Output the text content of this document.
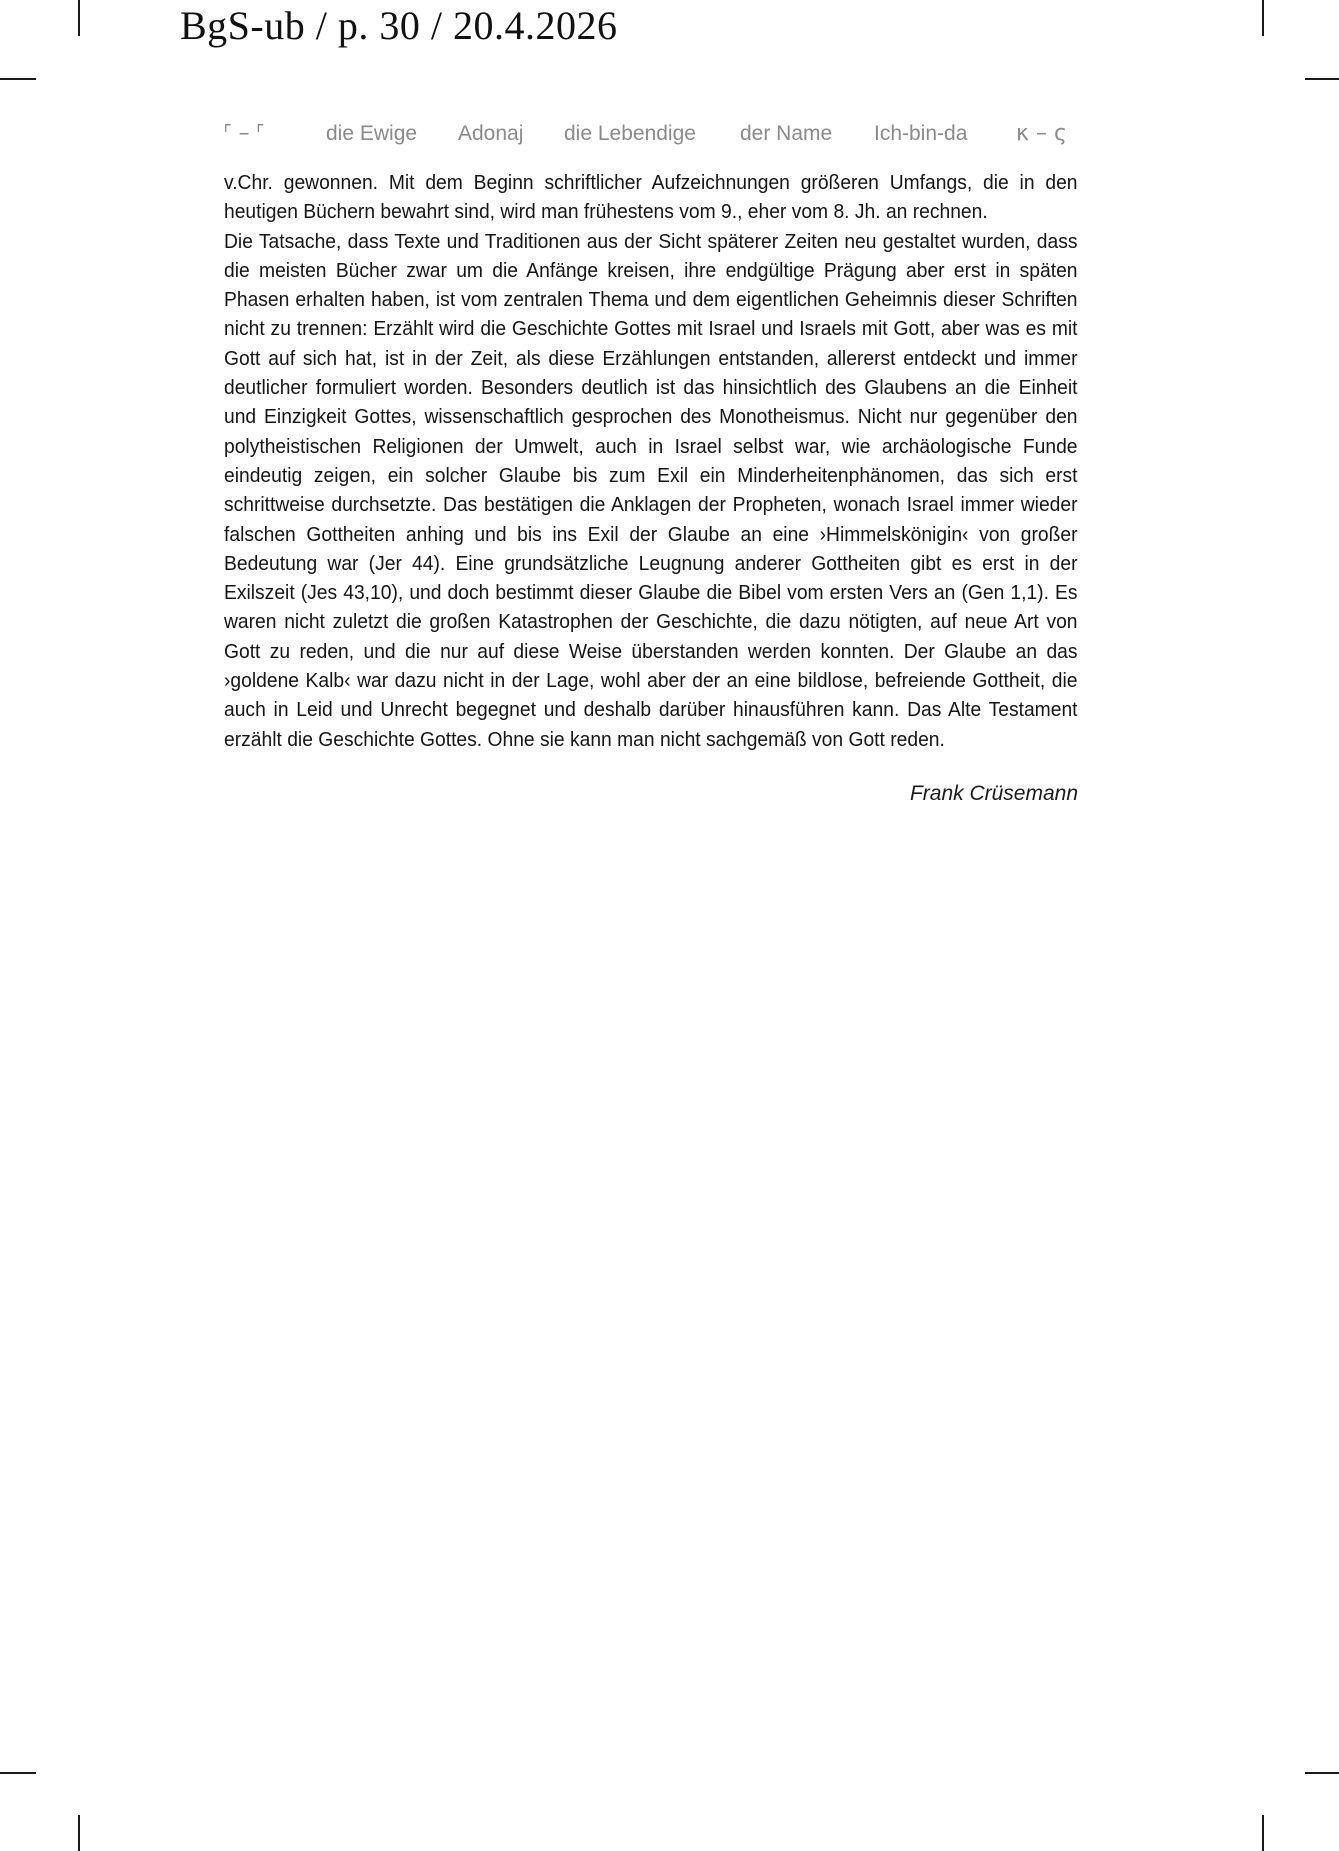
BgS-ub / p. 30 / 20.4.2026
ᣘ – ᣘ	die Ewige Adonaj die Lebendige der Name Ich-bin-da κ – ς

v.Chr. gewonnen. Mit dem Beginn schriftlicher Aufzeichnungen größeren Umfangs, die in den heutigen Büchern bewahrt sind, wird man frühestens vom 9., eher vom 8. Jh. an rechnen.

Die Tatsache, dass Texte und Traditionen aus der Sicht späterer Zeiten neu gestaltet wurden, dass die meisten Bücher zwar um die Anfänge kreisen, ihre endgültige Prägung aber erst in späten Phasen erhalten haben, ist vom zentralen Thema und dem eigentlichen Geheimnis dieser Schriften nicht zu trennen: Erzählt wird die Geschichte Gottes mit Israel und Israels mit Gott, aber was es mit Gott auf sich hat, ist in der Zeit, als diese Erzählungen entstanden, allererst entdeckt und immer deutlicher formuliert worden. Besonders deutlich ist das hinsichtlich des Glaubens an die Einheit und Einzigkeit Gottes, wissenschaftlich gesprochen des Monotheismus. Nicht nur gegenüber den polytheistischen Religionen der Umwelt, auch in Israel selbst war, wie archäologische Funde eindeutig zeigen, ein solcher Glaube bis zum Exil ein Minderheitenphänomen, das sich erst schrittweise durchsetzte. Das bestätigen die Anklagen der Propheten, wonach Israel immer wieder falschen Gottheiten anhing und bis ins Exil der Glaube an eine ›Himmelskönigin‹ von großer Bedeutung war (Jer 44). Eine grundsätzliche Leugnung anderer Gottheiten gibt es erst in der Exilszeit (Jes 43,10), und doch bestimmt dieser Glaube die Bibel vom ersten Vers an (Gen 1,1). Es waren nicht zuletzt die großen Katastrophen der Geschichte, die dazu nötigten, auf neue Art von Gott zu reden, und die nur auf diese Weise überstanden werden konnten. Der Glaube an das ›goldene Kalb‹ war dazu nicht in der Lage, wohl aber der an eine bildlose, befreiende Gottheit, die auch in Leid und Unrecht begegnet und deshalb darüber hinausführen kann. Das Alte Testament erzählt die Geschichte Gottes. Ohne sie kann man nicht sachgemäß von Gott reden.

Frank Crüsemann
